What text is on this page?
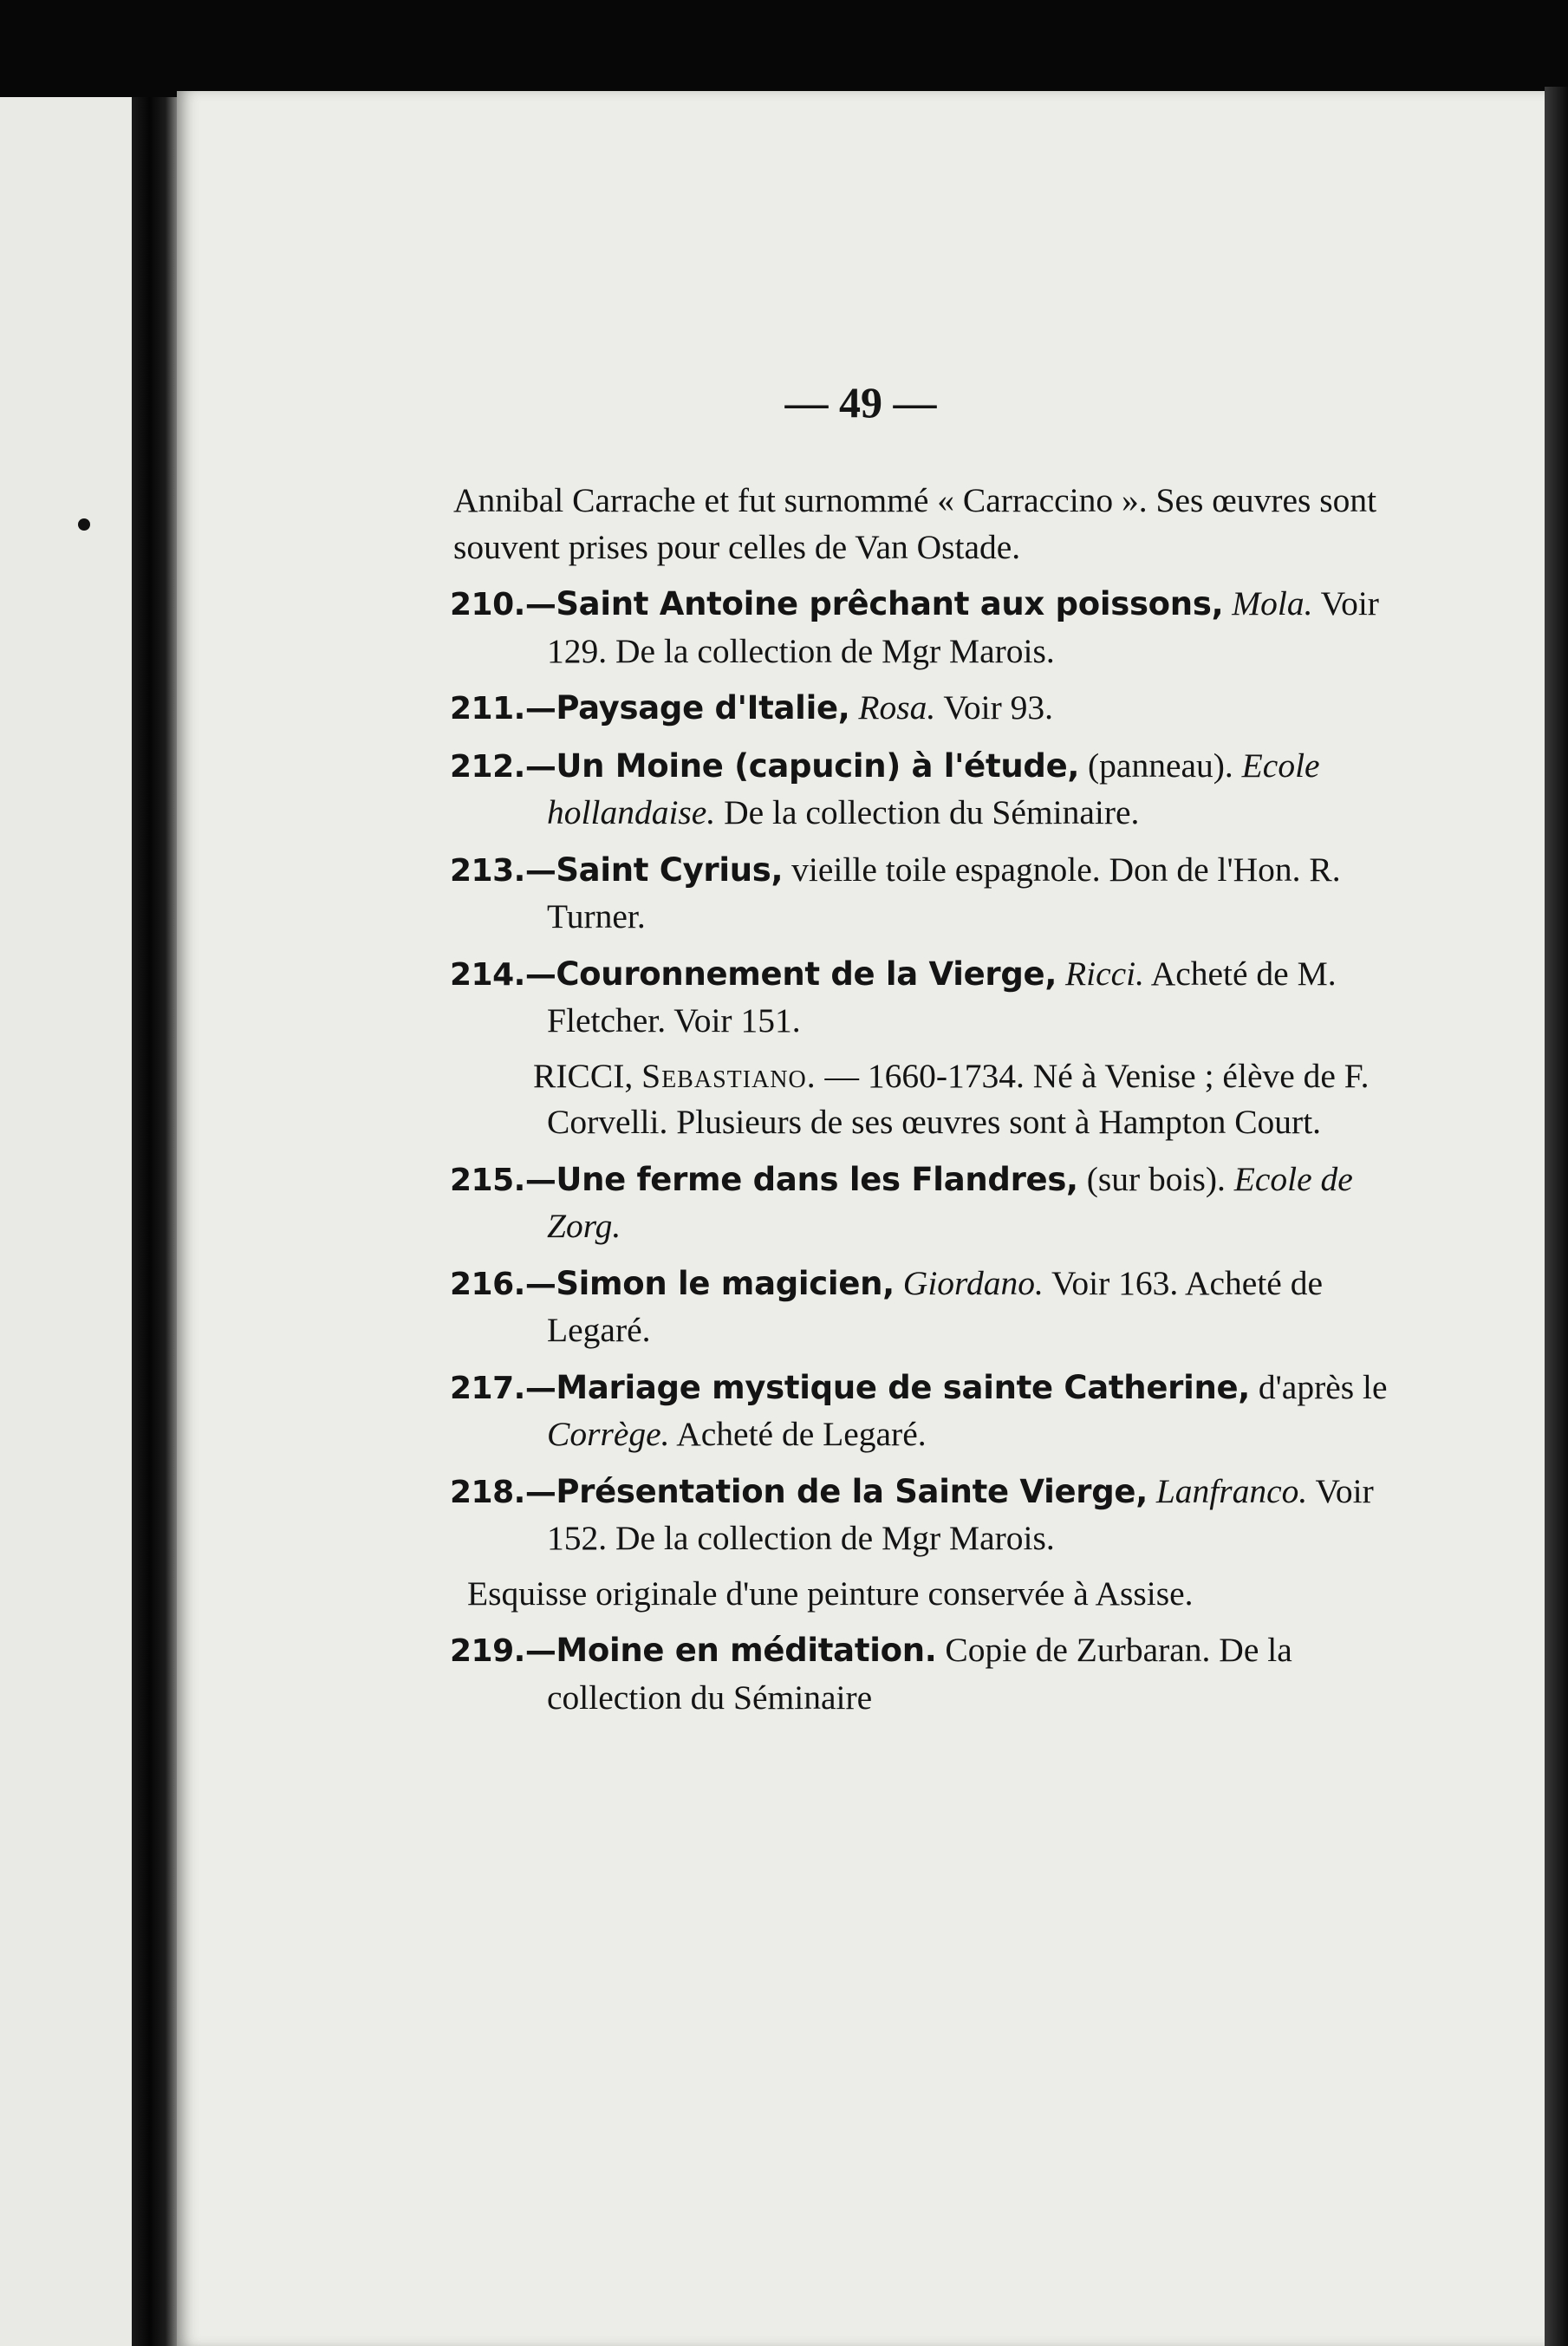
— 49 —

Annibal Carrache et fut surnommé « Carraccino ». Ses œuvres sont souvent prises pour celles de Van Ostade.

210.—Saint Antoine prêchant aux poissons, Mola. Voir 129. De la collection de Mgr Marois.

211.—Paysage d'Italie, Rosa. Voir 93.

212.—Un Moine (capucin) à l'étude, (panneau). Ecole hollandaise. De la collection du Séminaire.

213.—Saint Cyrius, vieille toile espagnole. Don de l'Hon. R. Turner.

214.—Couronnement de la Vierge, Ricci. Acheté de M. Fletcher. Voir 151.

RICCI, Sebastiano. — 1660-1734. Né à Venise ; élève de F. Corvelli. Plusieurs de ses œuvres sont à Hampton Court.

215.—Une ferme dans les Flandres, (sur bois). Ecole de Zorg.

216.—Simon le magicien, Giordano. Voir 163. Acheté de Legaré.

217.—Mariage mystique de sainte Catherine, d'après le Corrège. Acheté de Legaré.

218.—Présentation de la Sainte Vierge, Lanfranco. Voir 152. De la collection de Mgr Marois.

Esquisse originale d'une peinture conservée à Assise.

219.—Moine en méditation. Copie de Zurbaran. De la collection du Séminaire
